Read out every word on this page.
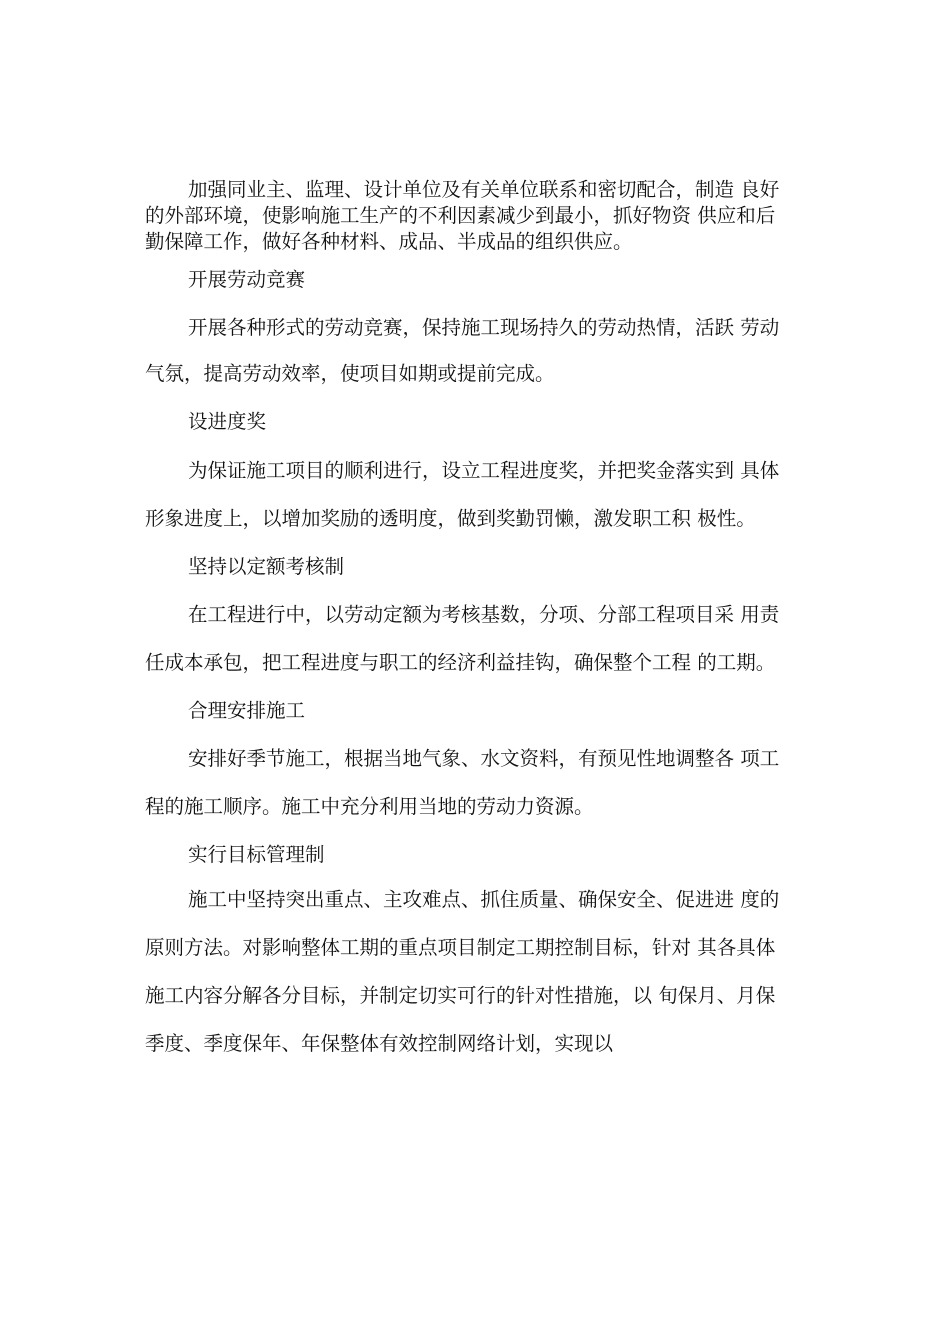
加强同业主、监理、设计单位及有关单位联系和密切配合，制造 良好

的外部环境，使影响施工生产的不利因素减少到最小，抓好物资 供应和后

勤保障工作，做好各种材料、成品、半成品的组织供应。

开展劳动竞赛

开展各种形式的劳动竞赛，保持施工现场持久的劳动热情，活跃 劳动

气氛，提高劳动效率，使项目如期或提前完成。

设进度奖

为保证施工项目的顺利进行，设立工程进度奖，并把奖金落实到 具体

形象进度上，以增加奖励的透明度，做到奖勤罚懒，激发职工积 极性。

坚持以定额考核制

在工程进行中，以劳动定额为考核基数，分项、分部工程项目采 用责

任成本承包，把工程进度与职工的经济利益挂钩，确保整个工程 的工期。

合理安排施工

安排好季节施工，根据当地气象、水文资料，有预见性地调整各 项工

程的施工顺序。施工中充分利用当地的劳动力资源。

实行目标管理制

施工中坚持突出重点、主攻难点、抓住质量、确保安全、促进进 度的

原则方法。对影响整体工期的重点项目制定工期控制目标，针对 其各具体

施工内容分解各分目标，并制定切实可行的针对性措施，以 旬保月、月保

季度、季度保年、年保整体有效控制网络计划，实现以
